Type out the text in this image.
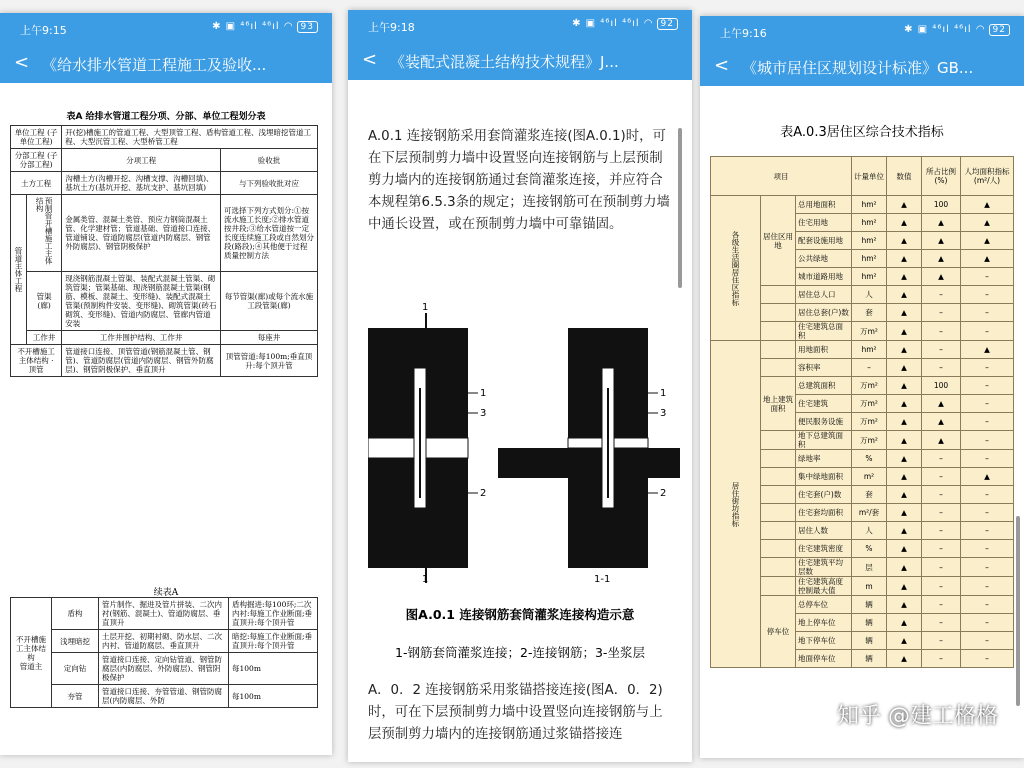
上午9:15	✱ ▣ ⁴⁶ıl ⁴⁶ıl ◠ 93
< 《给水排水管道工程施工及验收...
表A 给排水管道工程分项、分部、单位工程划分表
单位工程 (子单位工程)		开(挖)槽施工的管道工程、大型顶管工程、盾构管道工程、浅埋暗挖管道工程、大型沉管工程、大型桥管工程	
分部工程 (子分部工程)		分项工程	验收批
土方工程		沟槽土方(沟槽开挖、沟槽支撑、沟槽回填)、基坑土方(基坑开挖、基坑支护、基坑回填)	与下列验收批对应
管道主体工程	预制管开槽施工主体结构	金属类管、混凝土类管、预应力钢筒混凝土管、化学建材管；管道基础、管道接口连接、管道铺设、管道防腐层(管道内防腐层、钢管外防腐层)、钢管阴极保护	可选择下列方式划分:①按流水施工长度;②排水管道按井段;③给水管道按一定长度连续施工段或自然划分段(路段);④其他便于过程质量控制方法
	管渠(廊)	现浇钢筋混凝土管渠、装配式混凝土管渠、砌筑管渠；管渠基础、现浇钢筋混凝土管渠(钢筋、模板、混凝土、变形缝)、装配式混凝土管渠(预制构件安装、变形缝)、砌筑管渠(砖石砌筑、变形缝)、管道内防腐层、管廊内管道安装	每节管渠(廊)或每个流水施工段管渠(廊)
	工作井	工作井围护结构、工作井	每座井
不开槽施工主体结构 · 顶管		管道接口连接、顶管管道(钢筋混凝土管、钢管)、管道防腐层(管道内防腐层、钢管外防腐层)、钢管阴极保护、垂直顶升	顶管管道:每100m;垂直顶升:每个顶升管
续表A
不开槽施工主体结构
管道主	盾构	管片制作、掘进及管片拼装、二次内衬(钢筋、混凝土)、管道防腐层、垂直顶升	盾构掘进:每100环;二次内衬:每施工作业断面;垂直顶升:每个顶升管
	浅埋暗挖	土层开挖、初期衬砌、防水层、二次内衬、管道防腐层、垂直顶升	暗挖:每施工作业断面;垂直顶升:每个顶升管
	定向钻	管道接口连接、定向钻管道、钢管防腐层(内防腐层、外防腐层)、钢管阴极保护	每100m
	夯管	管道接口连接、夯管管道、钢管防腐层(内防腐层、外防	每100m
上午9:18	✱ ▣ ⁴⁶ıl ⁴⁶ıl ◠ 92
< 《装配式混凝土结构技术规程》J...
A.0.1 连接钢筋采用套筒灌浆连接(图A.0.1)时，可在下层预制剪力墙中设置竖向连接钢筋与上层预制剪力墙内的连接钢筋通过套筒灌浆连接，并应符合本规程第6.5.3条的规定；连接钢筋可在预制剪力墙中通长设置，或在预制剪力墙中可靠锚固。
1
3
2
1
1
1
3
2
1-1
图A.0.1 连接钢筋套筒灌浆连接构造示意
1-钢筋套筒灌浆连接；2-连接钢筋；3-坐浆层
A．0．2 连接钢筋采用浆锚搭接连接(图A．0．2)时，可在下层预制剪力墙中设置竖向连接钢筋与上层预制剪力墙内的连接钢筋通过浆锚搭接连
上午9:16	✱ ▣ ⁴⁶ıl ⁴⁶ıl ◠ 92
< 《城市居住区规划设计标准》GB...
表A.0.3居住区综合技术指标
项目			计量单位	数值	所占比例(%)	人均面积指标(m²/人)
各级生活圈居住区指标	居住区用地	总用地面积	hm²	▲	100	▲
		住宅用地	hm²	▲	▲	▲
		配套设施用地	hm²	▲	▲	▲
		公共绿地	hm²	▲	▲	▲
		城市道路用地	hm²	▲	▲	–
		居住总人口	人	▲	–	–
		居住总套(户)数	套	▲	–	–
		住宅建筑总面积	万m²	▲	–	–
居住街坊指标		用地面积	hm²	▲	–	▲
		容积率	–	▲	–	–
	地上建筑面积	总建筑面积	万m²	▲	100	–
		住宅建筑	万m²	▲	▲	–
		便民服务设施	万m²	▲	▲	–
		地下总建筑面积	万m²	▲	▲	–
		绿地率	%	▲	–	–
		集中绿地面积	m²	▲	–	▲
		住宅套(户)数	套	▲	–	–
		住宅套均面积	m²/套	▲	–	–
		居住人数	人	▲	–	–
		住宅建筑密度	%	▲	–	–
		住宅建筑平均层数	层	▲	–	–
		住宅建筑高度控制最大值	m	▲	–	–
	停车位	总停车位	辆	▲	–	–
		地上停车位	辆	▲	–	–
		地下停车位	辆	▲	–	–
		地面停车位	辆	▲	–	–
知乎 @建工格格
